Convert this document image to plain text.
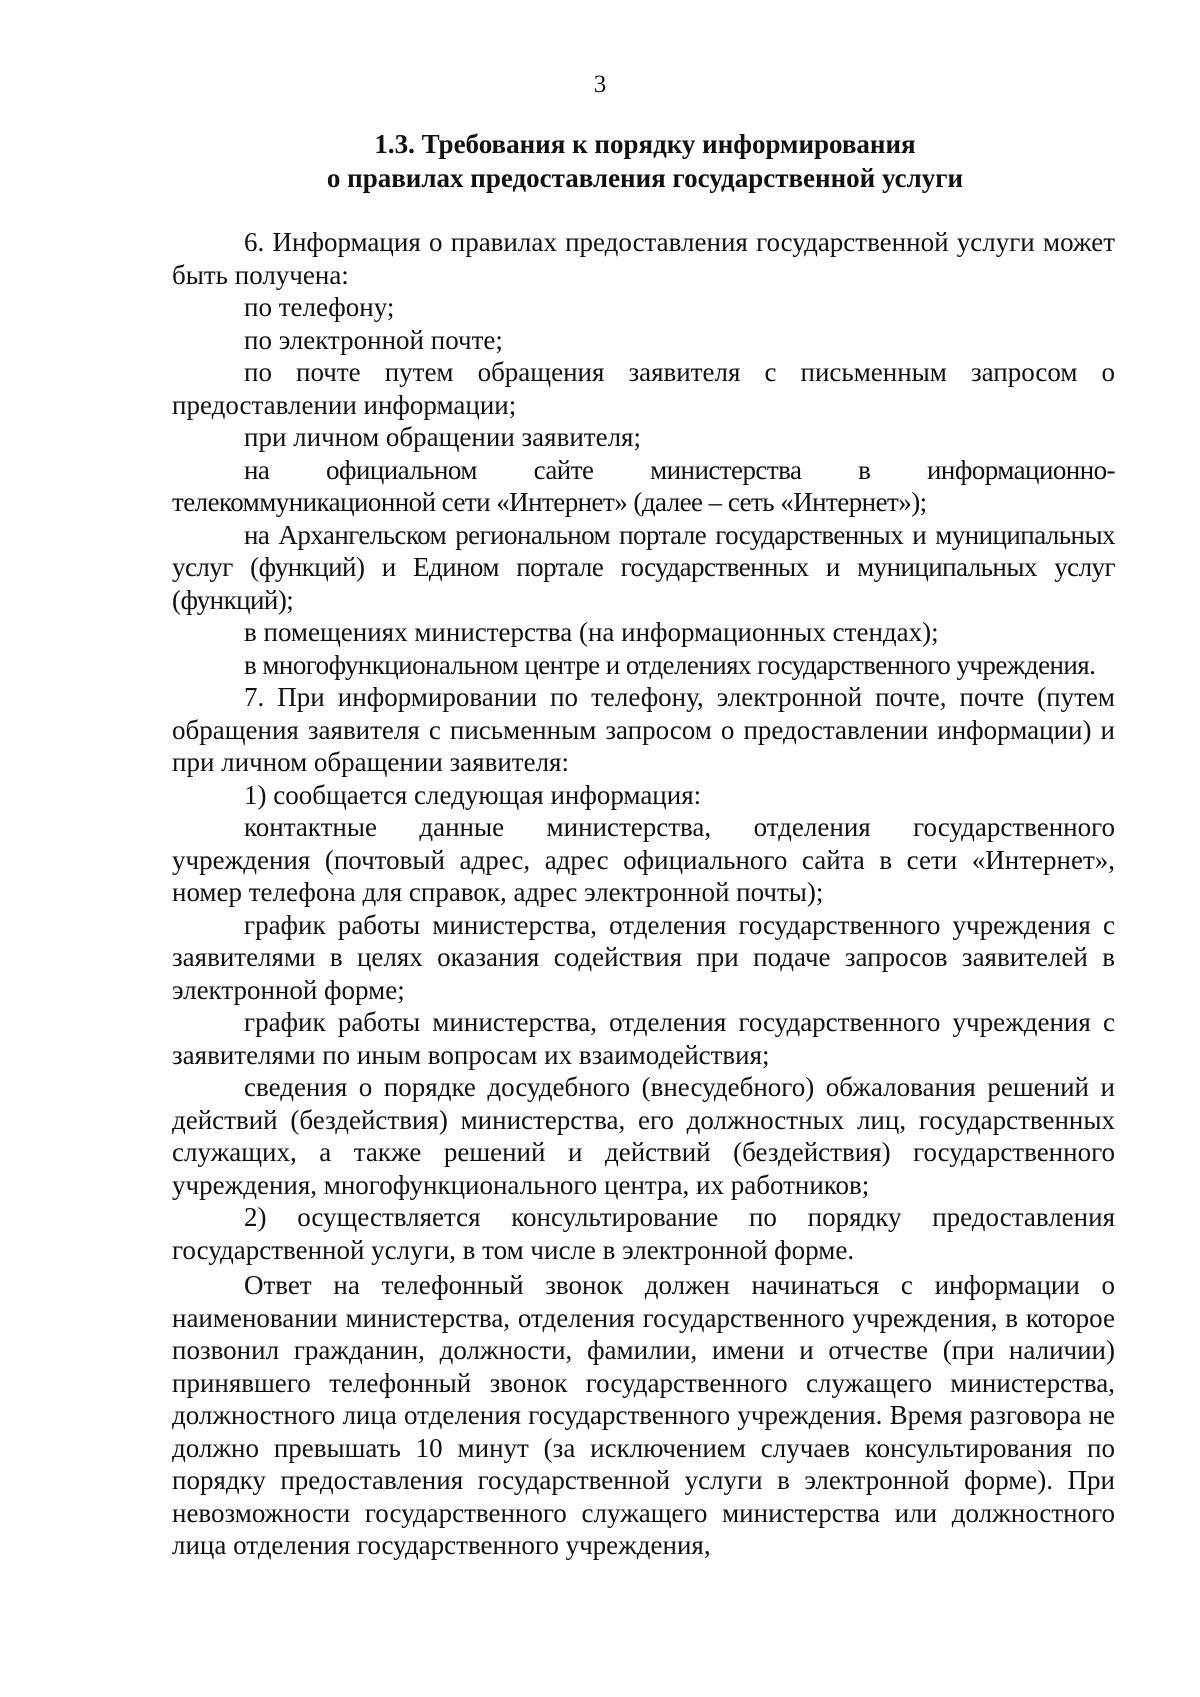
3
1.3. Требования к порядку информирования
о правилах предоставления государственной услуги
6. Информация о правилах предоставления государственной услуги может быть получена:
по телефону;
по электронной почте;
по почте путем обращения заявителя с письменным запросом о предоставлении информации;
при личном обращении заявителя;
на официальном сайте министерства в информационно-телекоммуникационной сети «Интернет» (далее – сеть «Интернет»);
на Архангельском региональном портале государственных и муниципальных услуг (функций) и Едином портале государственных и муниципальных услуг (функций);
в помещениях министерства (на информационных стендах);
в многофункциональном центре и отделениях государственного учреждения.
7. При информировании по телефону, электронной почте, почте (путем обращения заявителя с письменным запросом о предоставлении информации) и при личном обращении заявителя:
1) сообщается следующая информация:
контактные данные министерства, отделения государственного учреждения (почтовый адрес, адрес официального сайта в сети «Интернет», номер телефона для справок, адрес электронной почты);
график работы министерства, отделения государственного учреждения с заявителями в целях оказания содействия при подаче запросов заявителей в электронной форме;
график работы министерства, отделения государственного учреждения с заявителями по иным вопросам их взаимодействия;
сведения о порядке досудебного (внесудебного) обжалования решений и действий (бездействия) министерства, его должностных лиц, государственных служащих, а также решений и действий (бездействия) государственного учреждения, многофункционального центра, их работников;
2) осуществляется консультирование по порядку предоставления государственной услуги, в том числе в электронной форме.
Ответ на телефонный звонок должен начинаться с информации о наименовании министерства, отделения государственного учреждения, в которое позвонил гражданин, должности, фамилии, имени и отчестве (при наличии) принявшего телефонный звонок государственного служащего министерства, должностного лица отделения государственного учреждения. Время разговора не должно превышать 10 минут (за исключением случаев консультирования по порядку предоставления государственной услуги в электронной форме). При невозможности государственного служащего министерства или должностного лица отделения государственного учреждения,
